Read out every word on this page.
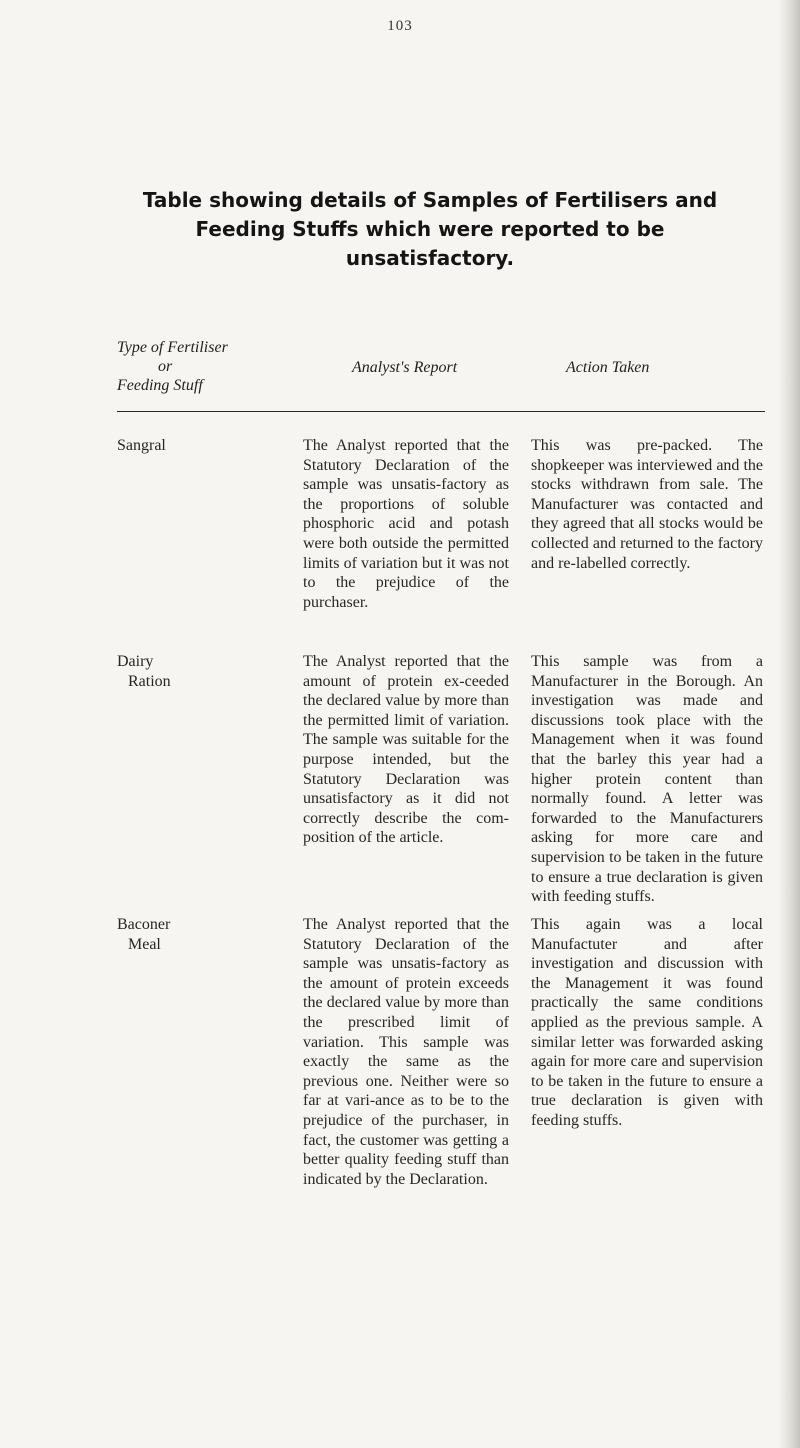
103
Table showing details of Samples of Fertilisers and
Feeding Stuffs which were reported to be
unsatisfactory.
Type of Fertiliser
or
Feeding Stuff
Analyst's Report	Action Taken
Sangral	The Analyst reported that the Statutory Declaration of the sample was unsatis-factory as the proportions of soluble phosphoric acid and potash were both outside the permitted limits of variation but it was not to the prejudice of the purchaser.
This was pre-packed. The shopkeeper was interviewed and the stocks withdrawn from sale. The Manufacturer was contacted and they agreed that all stocks would be collected and returned to the factory and re-labelled correctly.
Dairy
Ration
The Analyst reported that the amount of protein ex-ceeded the declared value by more than the permitted limit of variation. The sample was suitable for the purpose intended, but the Statutory Declaration was unsatisfactory as it did not correctly describe the com-position of the article.
This sample was from a Manufacturer in the Borough. An investigation was made and discussions took place with the Management when it was found that the barley this year had a higher protein content than normally found. A letter was forwarded to the Manufacturers asking for more care and supervision to be taken in the future to ensure a true declaration is given with feeding stuffs.
Baconer
Meal
The Analyst reported that the Statutory Declaration of the sample was unsatis-factory as the amount of protein exceeds the declared value by more than the prescribed limit of variation. This sample was exactly the same as the previous one. Neither were so far at vari-ance as to be to the prejudice of the purchaser, in fact, the customer was getting a better quality feeding stuff than indicated by the Declaration.
This again was a local Manufactuter and after investigation and discussion with the Management it was found practically the same conditions applied as the previous sample. A similar letter was forwarded asking again for more care and supervision to be taken in the future to ensure a true declaration is given with feeding stuffs.
